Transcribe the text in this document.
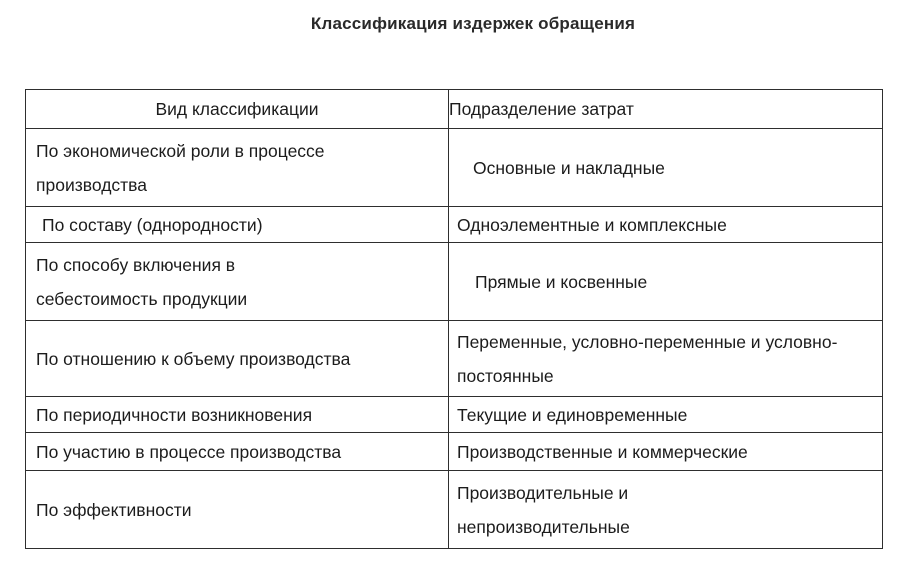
Классификация издержек обращения
Вид классификации	Подразделение затрат
По экономической роли в процессе производства	Основные и накладные
По составу (однородности)	Одноэлементные и комплексные
По способу включения в себестоимость продукции	Прямые и косвенные
По отношению к объему производства	Переменные, условно-переменные и условно-постоянные
По периодичности возникновения	Текущие и единовременные
По участию в процессе производства	Производственные и коммерческие
По эффективности	Производительные и непроизводительные
